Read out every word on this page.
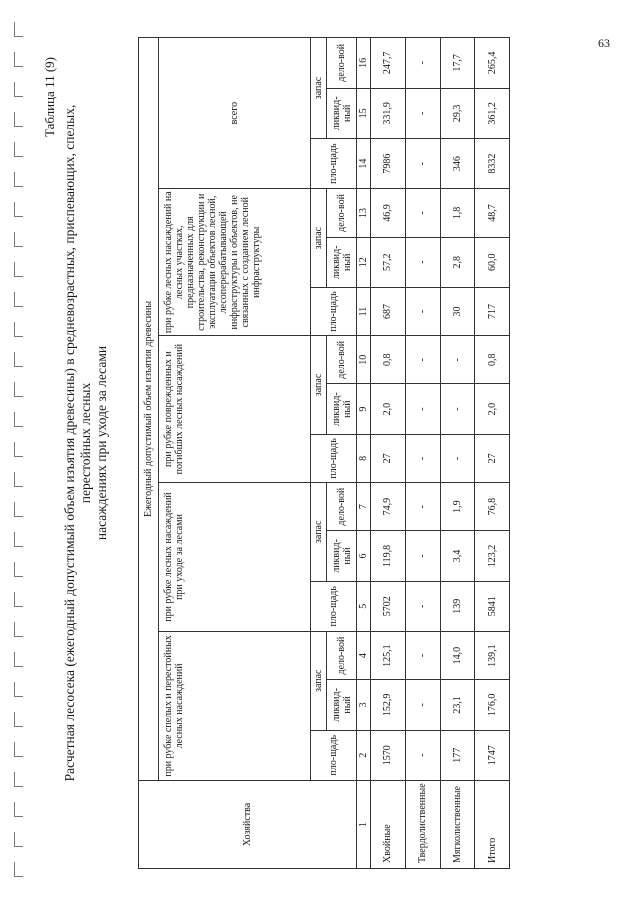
63
Таблица 11 (9)
Расчетная лесосека (ежегодный допустимый объем изъятия древесины) в средневозрастных, приспевающих, спелых, перестойных лесных насаждениях при уходе за лесами
Хозяйства	Ежегодный допустимый объем изъятия древесины														
	при рубке спелых и перестойных лесных насаждений			при рубке лесных насаждений при уходе за лесами			при рубке поврежденных и погибших лесных насаждений			при рубке лесных насаждений на лесных участках, предназначенных для строительства, реконструкции и эксплуатации объектов лесной, лесоперерабатывающей инфраструктуры и объектов, не связанных с созданием лесной инфраструктуры			всего		
	пло-щадь	запас		пло-щадь	запас		пло-щадь	запас		пло-щадь	запас		пло-щадь	запас	
		ликвид-ный	дело-вой		ликвид-ный	дело-вой		ликвид-ный	дело-вой		ликвид-ный	дело-вой		ликвид-ный	дело-вой
1	2	3	4	5	6	7	8	9	10	11	12	13	14	15	16
Хвойные	1570	152,9	125,1	5702	119,8	74,9	27	2,0	0,8	687	57,2	46,9	7986	331,9	247,7
Твердолиственные	-	-	-	-	-	-	-	-	-	-	-	-	-	-	-
Мягколиственные	177	23,1	14,0	139	3,4	1,9	-	-	-	30	2,8	1,8	346	29,3	17,7
Итого	1747	176,0	139,1	5841	123,2	76,8	27	2,0	0,8	717	60,0	48,7	8332	361,2	265,4
